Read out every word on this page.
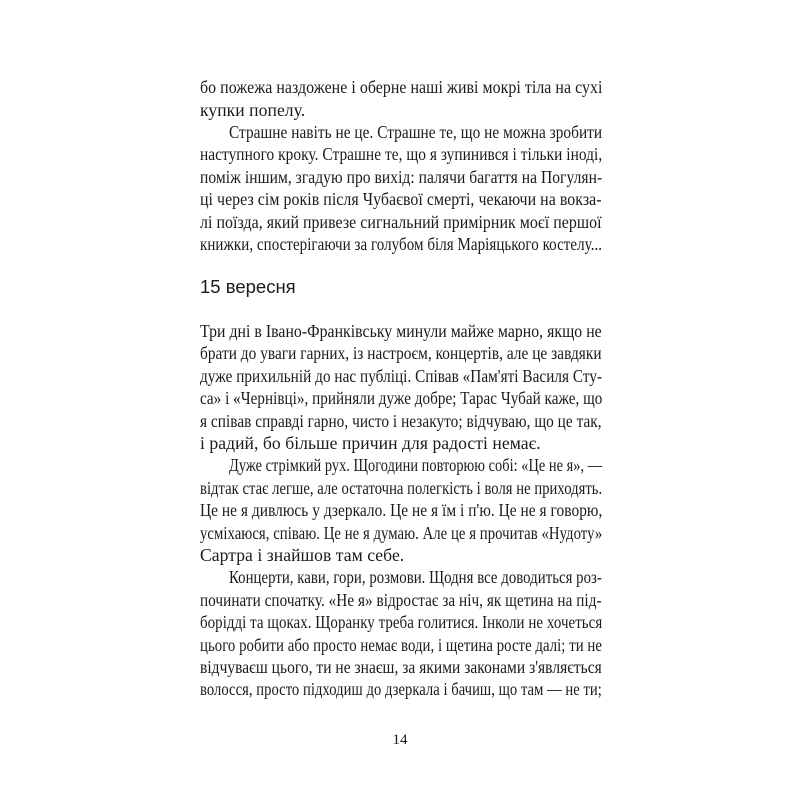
бо пожежа наздожене і оберне наші живі мокрі тіла на сухі
купки попелу.
Страшне навіть не це. Страшне те, що не можна зробити
наступного кроку. Страшне те, що я зупинився і тільки іноді,
поміж іншим, згадую про вихід: палячи багаття на Погулян-
ці через сім років після Чубаєвої смерті, чекаючи на вокза-
лі поїзда, який привезе сигнальний примірник моєї першої
книжки, спостерігаючи за голубом біля Маріяцького костелу...
15 вересня
Три дні в Івано-Франківську минули майже марно, якщо не
брати до уваги гарних, із настроєм, концертів, але це завдяки
дуже прихильній до нас публіці. Співав «Пам'яті Василя Сту-
са» і «Чернівці», прийняли дуже добре; Тарас Чубай каже, що
я співав справді гарно, чисто і незакуто; відчуваю, що це так,
і радий, бо більше причин для радості немає.
Дуже стрімкий рух. Щогодини повторюю собі: «Це не я», —
відтак стає легше, але остаточна полегкість і воля не приходять.
Це не я дивлюсь у дзеркало. Це не я їм і п'ю. Це не я говорю,
усміхаюся, співаю. Це не я думаю. Але це я прочитав «Нудоту»
Сартра і знайшов там себе.
Концерти, кави, гори, розмови. Щодня все доводиться роз-
почин​ати спочатку. «Не я» відростає за ніч, як щетина на під-
борідді та щоках. Щоранку треба голитися. Інколи не хочеться
цього робити або просто немає води, і щетина росте далі; ти не
відчуваєш цього, ти не знаєш, за якими законами з'являється
волосся, просто підходиш до дзеркала і бачиш, що там — не ти;
14
